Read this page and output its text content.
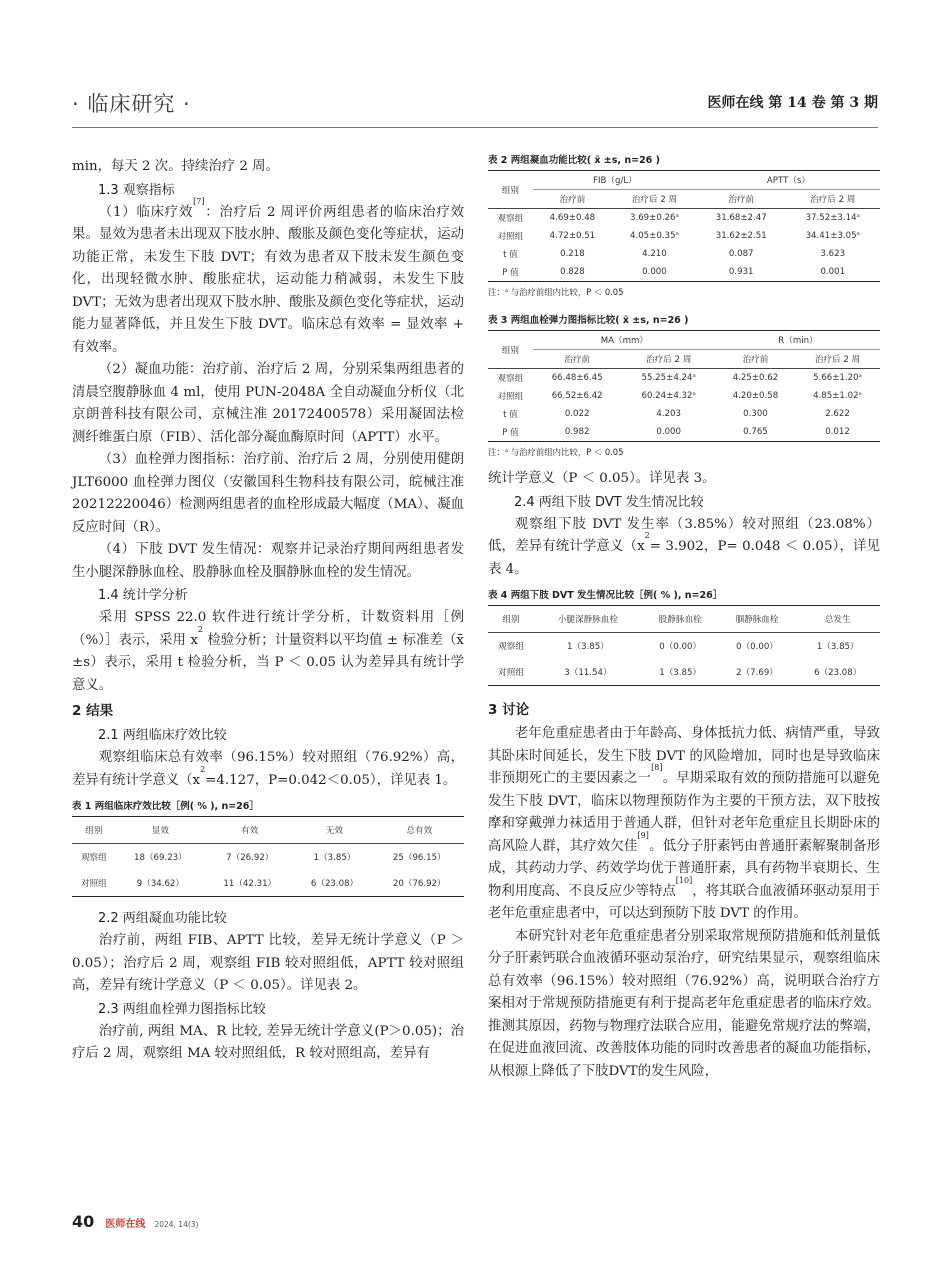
· 临床研究 ·	医师在线 第 14 卷 第 3 期

min，每天 2 次。持续治疗 2 周。

1.3 观察指标

（1）临床疗效[7]：治疗后 2 周评价两组患者的临床治疗效果。显效为患者未出现双下肢水肿、酸胀及颜色变化等症状，运动功能正常，未发生下肢 DVT；有效为患者双下肢未发生颜色变化，出现轻微水肿、酸胀症状，运动能力稍减弱，未发生下肢 DVT；无效为患者出现双下肢水肿、酸胀及颜色变化等症状，运动能力显著降低，并且发生下肢 DVT。临床总有效率 = 显效率 + 有效率。

（2）凝血功能：治疗前、治疗后 2 周，分别采集两组患者的清晨空腹静脉血 4 ml，使用 PUN-2048A 全自动凝血分析仪（北京朗普科技有限公司，京械注准 20172400578）采用凝固法检测纤维蛋白原（FIB）、活化部分凝血酶原时间（APTT）水平。

（3）血栓弹力图指标：治疗前、治疗后 2 周，分别使用健朗 JLT6000 血栓弹力图仪（安徽国科生物科技有限公司，皖械注准 20212220046）检测两组患者的血栓形成最大幅度（MA）、凝血反应时间（R）。

（4）下肢 DVT 发生情况：观察并记录治疗期间两组患者发生小腿深静脉血栓、股静脉血栓及腘静脉血栓的发生情况。

1.4 统计学分析

采用 SPSS 22.0 软件进行统计学分析，计数资料用［例（%）］表示，采用 $x^2$ 检验分析；计量资料以平均值 ± 标准差（x̄ ±s）表示，采用 t 检验分析，当 P ＜ 0.05 认为差异具有统计学意义。

2 结果
2.1 两组临床疗效比较

观察组临床总有效率（96.15%）较对照组（76.92%）高，差异有统计学意义（$x^2=4.127$，P=0.042＜0.05），详见表 1。

表 1 两组临床疗效比较［例( % ), n=26］
组别	显效	有效	无效	总有效
观察组	18（69.23）	7（26.92）	1（3.85）	25（96.15）
对照组	9（34.62）	11（42.31）	6（23.08）	20（76.92）
2.2 两组凝血功能比较

治疗前，两组 FIB、APTT 比较，差异无统计学意义（P ＞ 0.05）；治疗后 2 周，观察组 FIB 较对照组低，APTT 较对照组高，差异有统计学意义（P ＜ 0.05）。详见表 2。

2.3 两组血栓弹力图指标比较

治疗前, 两组 MA、R 比较, 差异无统计学意义(P＞0.05)；治疗后 2 周，观察组 MA 较对照组低，R 较对照组高，差异有

表 2 两组凝血功能比较( x̄ ±s, n=26 )
组别	FIB（g/L）		APTT（s）	
	治疗前	治疗后 2 周	治疗前	治疗后 2 周
观察组	4.69±0.48	3.69±0.26ᵃ	31.68±2.47	37.52±3.14ᵃ
对照组	4.72±0.51	4.05±0.35ᵃ	31.62±2.51	34.41±3.05ᵃ
t 值	0.218	4.210	0.087	3.623
P 值	0.828	0.000	0.931	0.001
注：ᵃ 与治疗前组内比较，P ＜ 0.05
表 3 两组血栓弹力图指标比较( x̄ ±s, n=26 )
组别	MA（mm）		R（min）	
	治疗前	治疗后 2 周	治疗前	治疗后 2 周
观察组	66.48±6.45	55.25±4.24ᵃ	4.25±0.62	5.66±1.20ᵃ
对照组	66.52±6.42	60.24±4.32ᵃ	4.20±0.58	4.85±1.02ᵃ
t 值	0.022	4.203	0.300	2.622
P 值	0.982	0.000	0.765	0.012
注：ᵃ 与治疗前组内比较，P ＜ 0.05

统计学意义（P ＜ 0.05）。详见表 3。

2.4 两组下肢 DVT 发生情况比较

观察组下肢 DVT 发生率（3.85%）较对照组（23.08%）低，差异有统计学意义（$x^2= 3.902$，P= 0.048 ＜ 0.05），详见表 4。

表 4 两组下肢 DVT 发生情况比较［例( % ), n=26］
组别	小腿深静脉血栓	股静脉血栓	腘静脉血栓	总发生
观察组	1（3.85）	0（0.00）	0（0.00）	1（3.85）
对照组	3（11.54）	1（3.85）	2（7.69）	6（23.08）
3 讨论

老年危重症患者由于年龄高、身体抵抗力低、病情严重，导致其卧床时间延长，发生下肢 DVT 的风险增加，同时也是导致临床非预期死亡的主要因素之一[8]。早期采取有效的预防措施可以避免发生下肢 DVT，临床以物理预防作为主要的干预方法，双下肢按摩和穿戴弹力袜适用于普通人群，但针对老年危重症且长期卧床的高风险人群，其疗效欠佳[9]。低分子肝素钙由普通肝素解聚制备形成，其药动力学、药效学均优于普通肝素，具有药物半衰期长、生物利用度高、不良反应少等特点[10]，将其联合血液循环驱动泵用于老年危重症患者中，可以达到预防下肢 DVT 的作用。

本研究针对老年危重症患者分别采取常规预防措施和低剂量低分子肝素钙联合血液循环驱动泵治疗，研究结果显示，观察组临床总有效率（96.15%）较对照组（76.92%）高，说明联合治疗方案相对于常规预防措施更有利于提高老年危重症患者的临床疗效。推测其原因，药物与物理疗法联合应用，能避免常规疗法的弊端，在促进血液回流、改善肢体功能的同时改善患者的凝血功能指标，从根源上降低了下肢DVT的发生风险，

40 医师在线 2024, 14(3)
